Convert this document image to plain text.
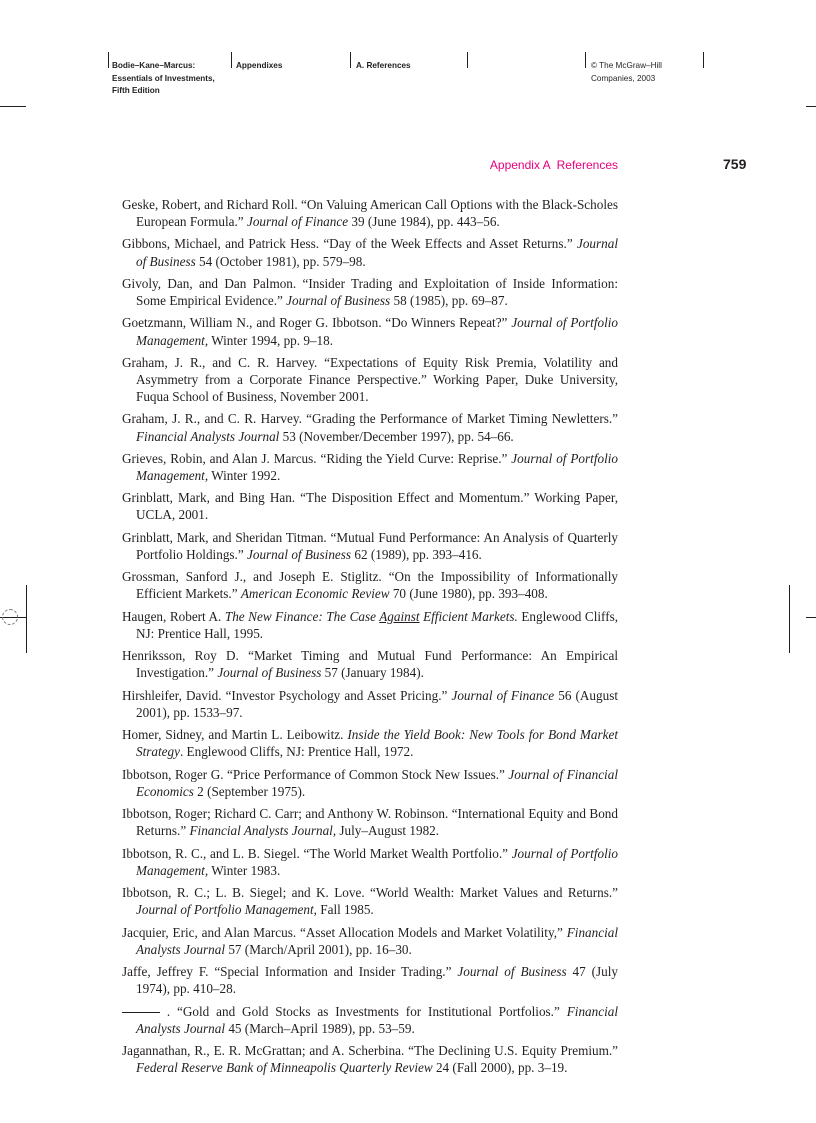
Bodie–Kane–Marcus:
Essentials of Investments,
Fifth Edition
Appendixes	A. References	© The McGraw–Hill
Companies, 2003
Appendix A References	759

Geske, Robert, and Richard Roll. “On Valuing American Call Options with the Black-Scholes European Formula.” Journal of Finance 39 (June 1984), pp. 443–56.

Gibbons, Michael, and Patrick Hess. “Day of the Week Effects and Asset Returns.” Journal of Business 54 (October 1981), pp. 579–98.

Givoly, Dan, and Dan Palmon. “Insider Trading and Exploitation of Inside Information: Some Empirical Evidence.” Journal of Business 58 (1985), pp. 69–87.

Goetzmann, William N., and Roger G. Ibbotson. “Do Winners Repeat?” Journal of Portfolio Management, Winter 1994, pp. 9–18.

Graham, J. R., and C. R. Harvey. “Expectations of Equity Risk Premia, Volatility and Asymmetry from a Corporate Finance Perspective.” Working Paper, Duke University, Fuqua School of Business, November 2001.

Graham, J. R., and C. R. Harvey. “Grading the Performance of Market Timing Newletters.” Financial Analysts Journal 53 (November/December 1997), pp. 54–66.

Grieves, Robin, and Alan J. Marcus. “Riding the Yield Curve: Reprise.” Journal of Portfolio Management, Winter 1992.

Grinblatt, Mark, and Bing Han. “The Disposition Effect and Momentum.” Working Paper, UCLA, 2001.

Grinblatt, Mark, and Sheridan Titman. “Mutual Fund Performance: An Analysis of Quarterly Portfolio Holdings.” Journal of Business 62 (1989), pp. 393–416.

Grossman, Sanford J., and Joseph E. Stiglitz. “On the Impossibility of Informationally Efficient Markets.” American Economic Review 70 (June 1980), pp. 393–408.

Haugen, Robert A. The New Finance: The Case Against Efficient Markets. Englewood Cliffs, NJ: Prentice Hall, 1995.

Henriksson, Roy D. “Market Timing and Mutual Fund Performance: An Empirical Investigation.” Journal of Business 57 (January 1984).

Hirshleifer, David. “Investor Psychology and Asset Pricing.” Journal of Finance 56 (August 2001), pp. 1533–97.

Homer, Sidney, and Martin L. Leibowitz. Inside the Yield Book: New Tools for Bond Market Strategy. Englewood Cliffs, NJ: Prentice Hall, 1972.

Ibbotson, Roger G. “Price Performance of Common Stock New Issues.” Journal of Financial Economics 2 (September 1975).

Ibbotson, Roger; Richard C. Carr; and Anthony W. Robinson. “International Equity and Bond Returns.” Financial Analysts Journal, July–August 1982.

Ibbotson, R. C., and L. B. Siegel. “The World Market Wealth Portfolio.” Journal of Portfolio Management, Winter 1983.

Ibbotson, R. C.; L. B. Siegel; and K. Love. “World Wealth: Market Values and Returns.” Journal of Portfolio Management, Fall 1985.

Jacquier, Eric, and Alan Marcus. “Asset Allocation Models and Market Volatility,” Financial Analysts Journal 57 (March/April 2001), pp. 16–30.

Jaffe, Jeffrey F. “Special Information and Insider Trading.” Journal of Business 47 (July 1974), pp. 410–28.

. “Gold and Gold Stocks as Investments for Institutional Portfolios.” Financial Analysts Journal 45 (March–April 1989), pp. 53–59.

Jagannathan, R., E. R. McGrattan; and A. Scherbina. “The Declining U.S. Equity Premium.” Federal Reserve Bank of Minneapolis Quarterly Review 24 (Fall 2000), pp. 3–19.
